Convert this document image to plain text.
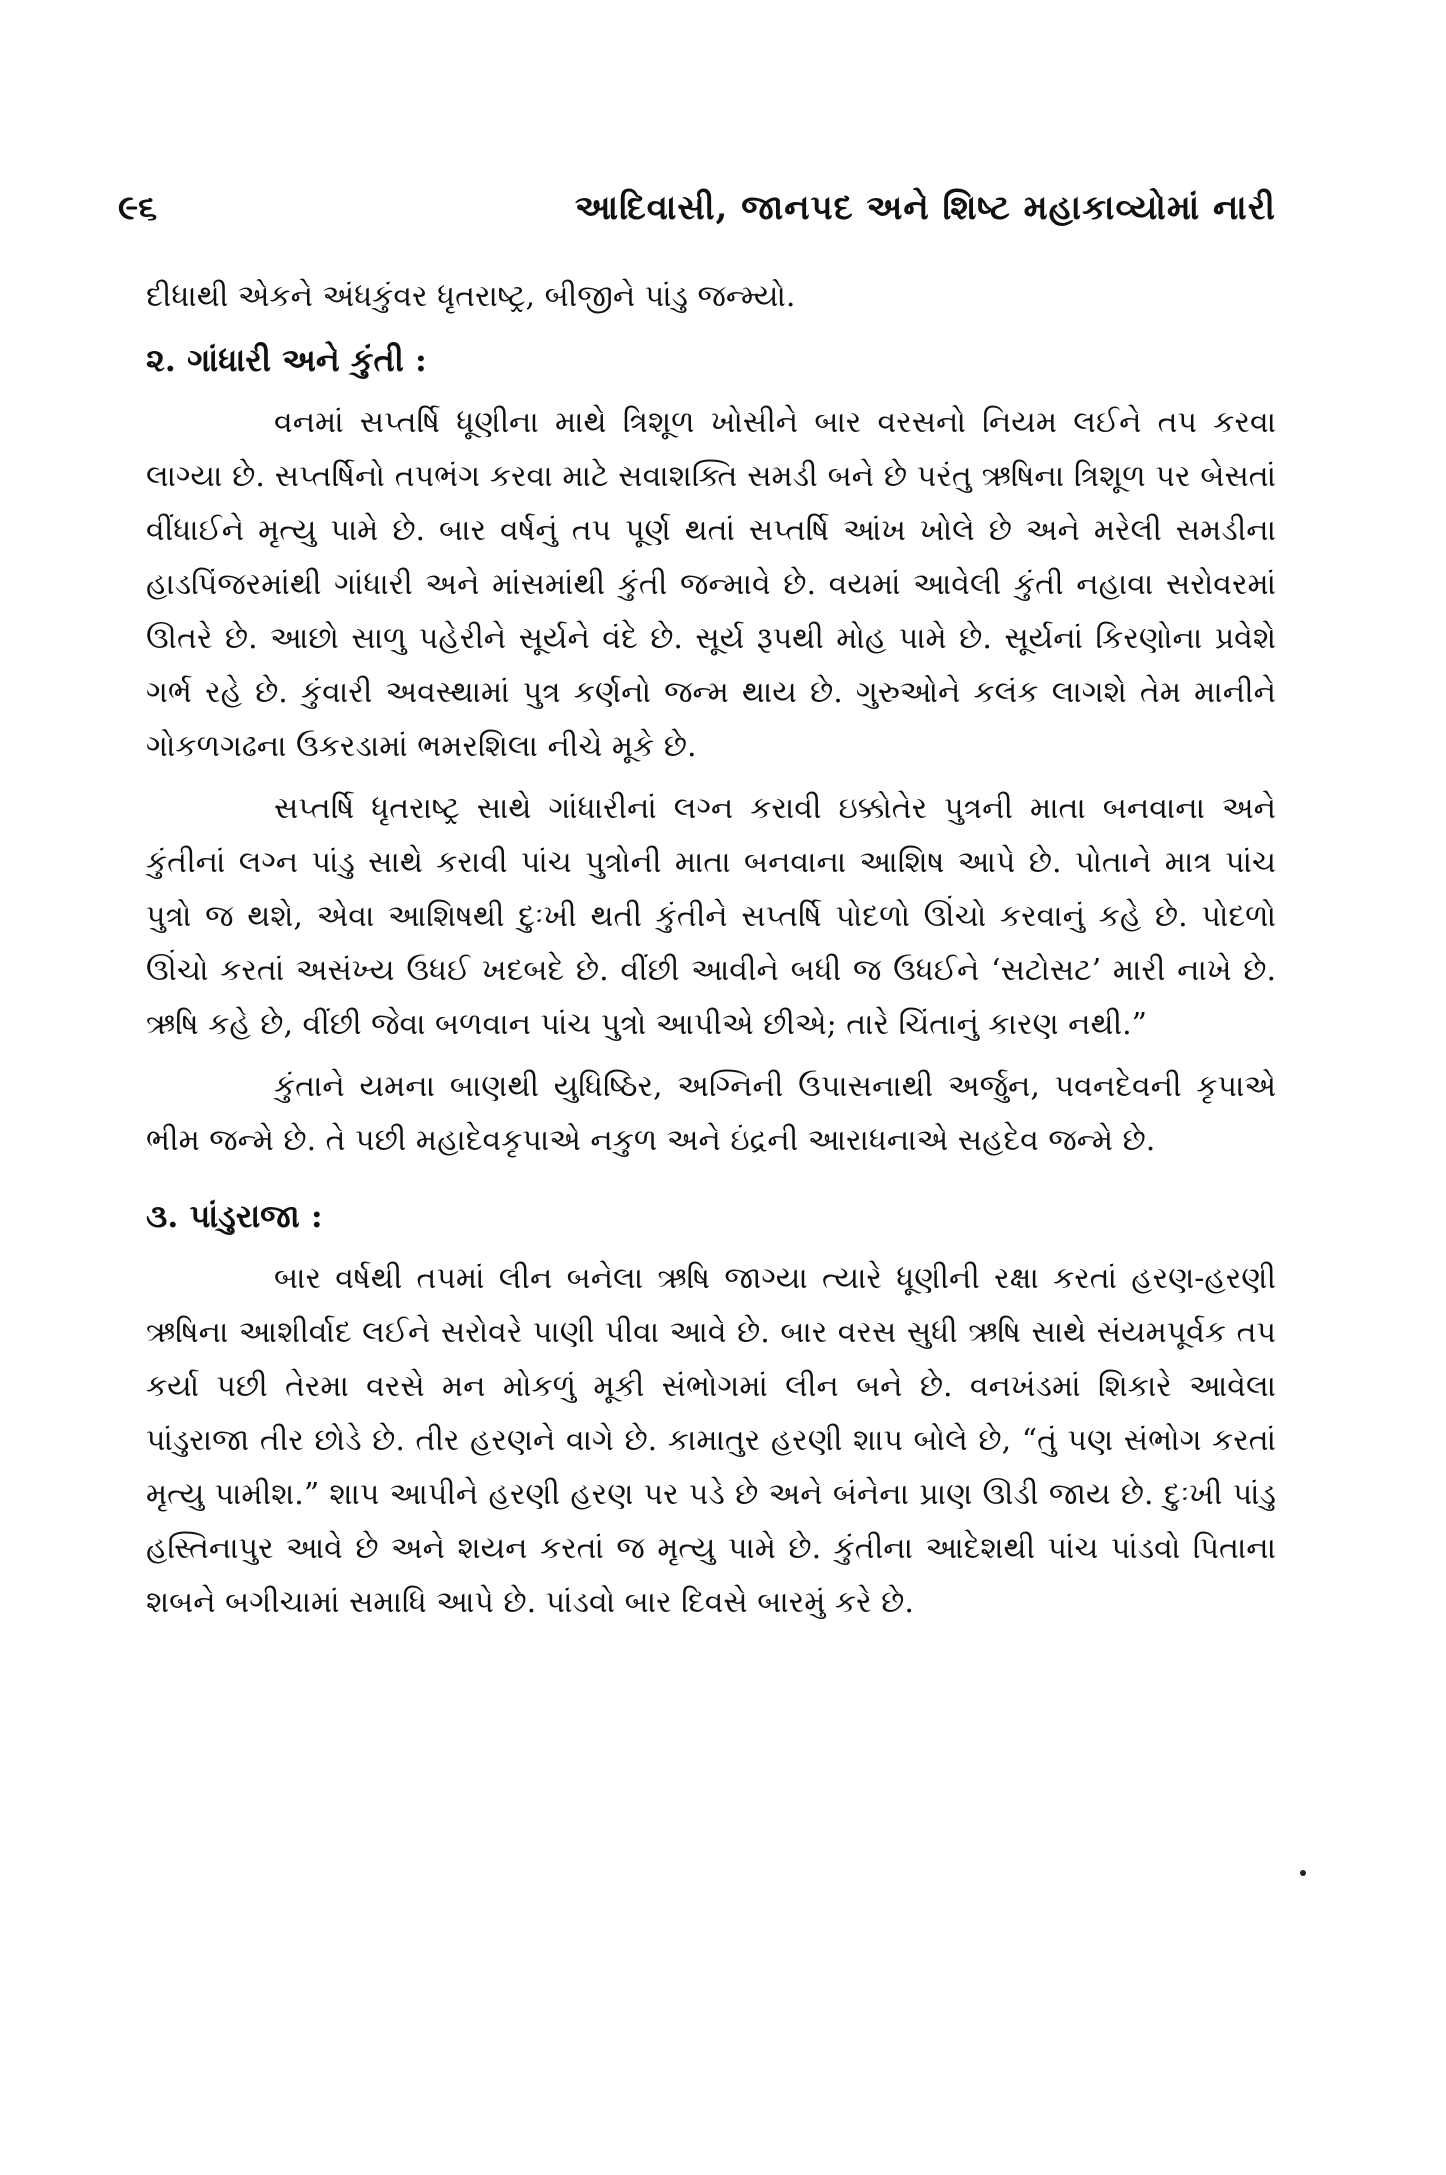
૯૬	આદિવાસી, જાનપદ અને શિષ્ટ મહાકાવ્યોમાં નારી

દીધાથી એકને અંધકુંવર ધૃતરાષ્ટ્ર, બીજીને પાંડુ જન્મ્યો.

૨. ગાંધારી અને કુંતી :

વનમાં સપ્તર્ષિ ધૂણીના માથે ત્રિશૂળ ખોસીને બાર વરસનો નિયમ લઈને તપ કરવા લાગ્યા છે. સપ્તર્ષિનો તપભંગ કરવા માટે સવાશક્તિ સમડી બને છે પરંતુ ઋષિના ત્રિશૂળ પર બેસતાં વીંધાઈને મૃત્યુ પામે છે. બાર વર્ષનું તપ પૂર્ણ થતાં સપ્તર્ષિ આંખ ખોલે છે અને મરેલી સમડીના હાડપિંજરમાંથી ગાંધારી અને માંસમાંથી કુંતી જન્માવે છે. વયમાં આવેલી કુંતી નહાવા સરોવરમાં ઊતરે છે. આછો સાળુ પહેરીને સૂર્યને વંદે છે. સૂર્ય રૂપથી મોહ પામે છે. સૂર્યનાં કિરણોના પ્રવેશે ગર્ભ રહે છે. કુંવારી અવસ્થામાં પુત્ર કર્ણનો જન્મ થાય છે. ગુરુઓને કલંક લાગશે તેમ માનીને ગોકળગઢના ઉકરડામાં ભમરશિલા નીચે મૂકે છે.

સપ્તર્ષિ ધૃતરાષ્ટ્ર સાથે ગાંધારીનાં લગ્ન કરાવી ઇક્કોતેર પુત્રની માતા બનવાના અને કુંતીનાં લગ્ન પાંડુ સાથે કરાવી પાંચ પુત્રોની માતા બનવાના આશિષ આપે છે. પોતાને માત્ર પાંચ પુત્રો જ થશે, એવા આશિષથી દુઃખી થતી કુંતીને સપ્તર્ષિ પોદળો ઊંચો કરવાનું કહે છે. પોદળો ઊંચો કરતાં અસંખ્ય ઉધઈ ખદબદે છે. વીંછી આવીને બધી જ ઉધઈને ‘સટોસટ’ મારી નાખે છે. ઋષિ કહે છે, વીંછી જેવા બળવાન પાંચ પુત્રો આપીએ છીએ; તારે ચિંતાનું કારણ નથી.”

કુંતાને યમના બાણથી યુધિષ્ઠિર, અગ્નિની ઉપાસનાથી અર્જુન, પવનદેવની કૃપાએ ભીમ જન્મે છે. તે પછી મહાદેવકૃપાએ નકુળ અને ઇંદ્રની આરાધનાએ સહદેવ જન્મે છે.

૩. પાંડુરાજા :

બાર વર્ષથી તપમાં લીન બનેલા ઋષિ જાગ્યા ત્યારે ધૂણીની રક્ષા કરતાં હરણ-હરણી ઋષિના આશીર્વાદ લઈને સરોવરે પાણી પીવા આવે છે. બાર વરસ સુધી ઋષિ સાથે સંયમપૂર્વક તપ કર્યા પછી તેરમા વરસે મન મોકળું મૂકી સંભોગમાં લીન બને છે. વનખંડમાં શિકારે આવેલા પાંડુરાજા તીર છોડે છે. તીર હરણને વાગે છે. કામાતુર હરણી શાપ બોલે છે, “તું પણ સંભોગ કરતાં મૃત્યુ પામીશ.” શાપ આપીને હરણી હરણ પર પડે છે અને બંનેના પ્રાણ ઊડી જાય છે. દુઃખી પાંડુ હસ્તિનાપુર આવે છે અને શયન કરતાં જ મૃત્યુ પામે છે. કુંતીના આદેશથી પાંચ પાંડવો પિતાના શબને બગીચામાં સમાધિ આપે છે. પાંડવો બાર દિવસે બારમું કરે છે.
